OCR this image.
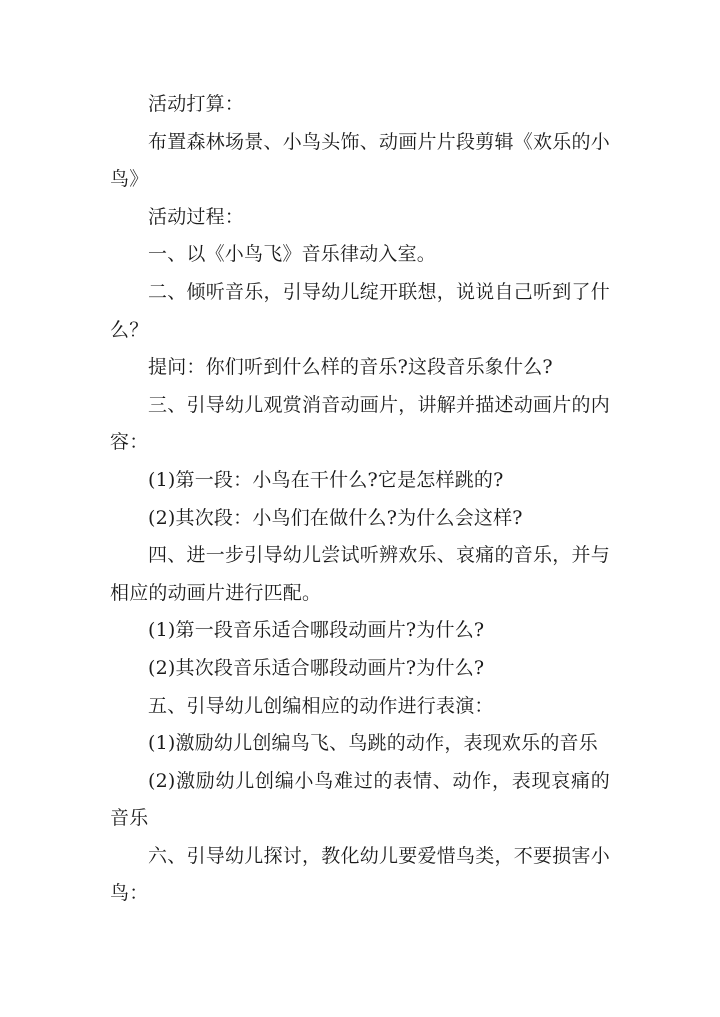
活动打算：

布置森林场景、小鸟头饰、动画片片段剪辑《欢乐的小鸟》

活动过程：

一、以《小鸟飞》音乐律动入室。

二、倾听音乐，引导幼儿绽开联想，说说自己听到了什么？

提问：你们听到什么样的音乐?这段音乐象什么?

三、引导幼儿观赏消音动画片，讲解并描述动画片的内容：

(1)第一段：小鸟在干什么?它是怎样跳的?

(2)其次段：小鸟们在做什么?为什么会这样?

四、进一步引导幼儿尝试听辨欢乐、哀痛的音乐，并与相应的动画片进行匹配。

(1)第一段音乐适合哪段动画片?为什么?

(2)其次段音乐适合哪段动画片?为什么?

五、引导幼儿创编相应的动作进行表演：

(1)激励幼儿创编鸟飞、鸟跳的动作，表现欢乐的音乐

(2)激励幼儿创编小鸟难过的表情、动作，表现哀痛的音乐

六、引导幼儿探讨，教化幼儿要爱惜鸟类，不要损害小鸟：
